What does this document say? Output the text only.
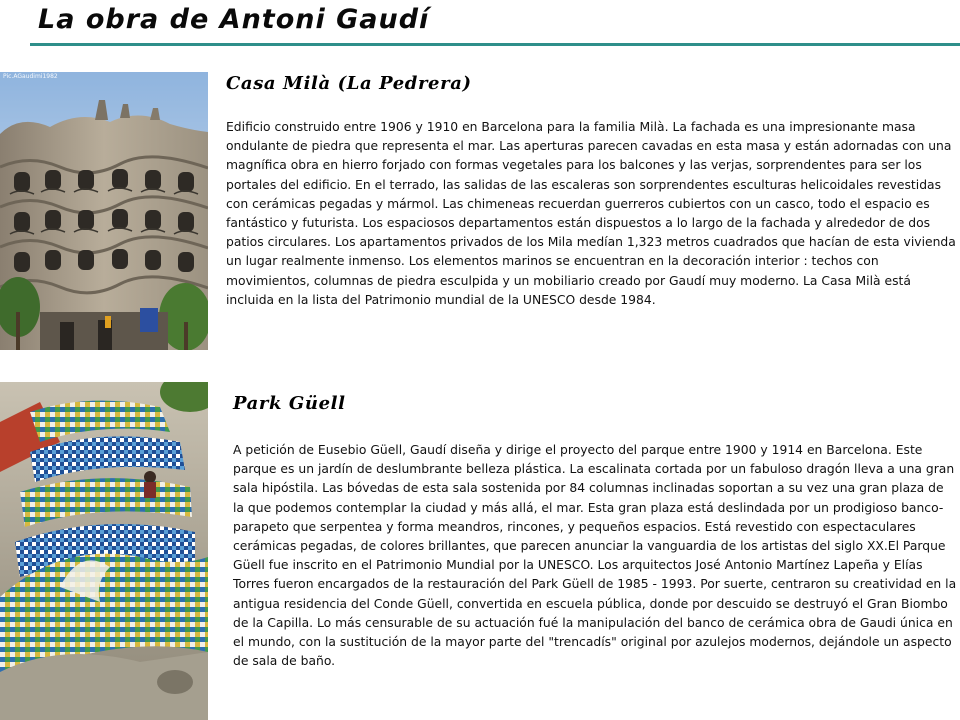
La obra de Antoni Gaudí
Pic.AGaudimi1982	Casa Milà (La Pedrera)

Edificio construido entre 1906 y 1910 en Barcelona para la familia Milà. La fachada es una impresionante masa ondulante de piedra que representa el mar. Las aperturas parecen cavadas en esta masa y están adornadas con una magnífica obra en hierro forjado con formas vegetales para los balcones y las verjas, sorprendentes para ser los portales del edificio. En el terrado, las salidas de las escaleras son sorprendentes esculturas helicoidales revestidas con cerámicas pegadas y mármol. Las chimeneas recuerdan guerreros cubiertos con un casco, todo el espacio es fantástico y futurista. Los espaciosos departamentos están dispuestos a lo largo de la fachada y alrededor de dos patios circulares. Los apartamentos privados de los Mila medían 1,323 metros cuadrados que hacían de esta vivienda un lugar realmente inmenso. Los elementos marinos se encuentran en la decoración interior : techos con movimientos, columnas de piedra esculpida y un mobiliario creado por Gaudí muy moderno. La Casa Milà está incluida en la lista del Patrimonio mundial de la UNESCO desde 1984.

Park Güell

A petición de Eusebio Güell, Gaudí diseña y dirige el proyecto del parque entre 1900 y 1914 en Barcelona. Este parque es un jardín de deslumbrante belleza plástica. La escalinata cortada por un fabuloso dragón lleva a una gran sala hipóstila. Las bóvedas de esta sala sostenida por 84 columnas inclinadas soportan a su vez una gran plaza de la que podemos contemplar la ciudad y más allá, el mar. Esta gran plaza está deslindada por un prodigioso banco-parapeto que serpentea y forma meandros, rincones, y pequeños espacios. Está revestido con espectaculares cerámicas pegadas, de colores brillantes, que parecen anunciar la vanguardia de los artistas del siglo XX.El Parque Güell fue inscrito en el Patrimonio Mundial por la UNESCO. Los arquitectos José Antonio Martínez Lapeña y Elías Torres fueron encargados de la restauración del Park Güell de 1985 - 1993. Por suerte, centraron su creatividad en la antigua residencia del Conde Güell, convertida en escuela pública, donde por descuido se destruyó el Gran Biombo de la Capilla. Lo más censurable de su actuación fué la manipulación del banco de cerámica obra de Gaudi única en el mundo, con la sustitución de la mayor parte del "trencadís" original por azulejos modernos, dejándole un aspecto de sala de baño.
